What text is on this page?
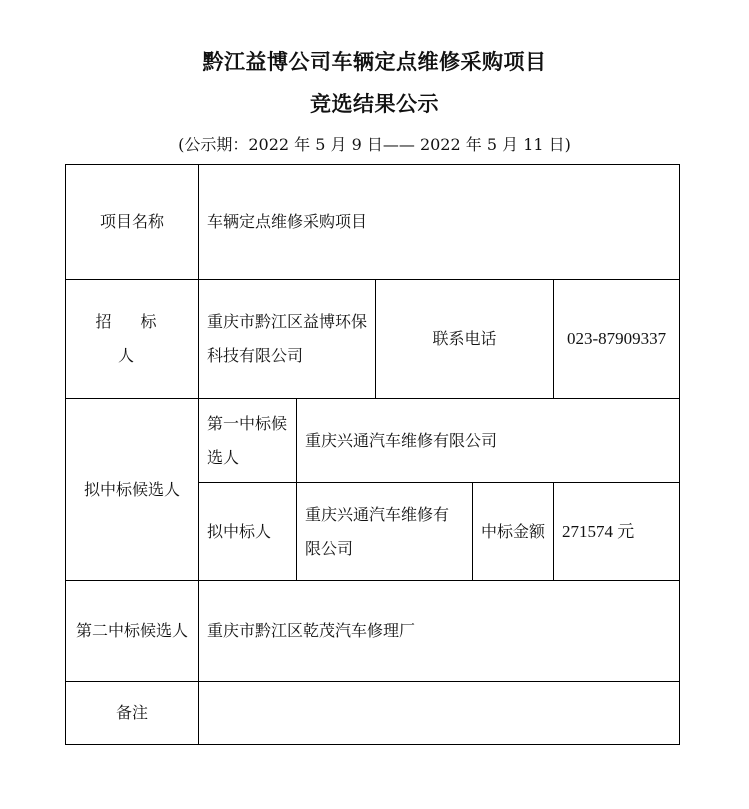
黔江益博公司车辆定点维修采购项目
竞选结果公示
(公示期：2022 年 5 月 9 日—— 2022 年 5 月 11 日)
项目名称	车辆定点维修采购项目				
招 标 人	重庆市黔江区益博环保科技有限公司		联系电话		023-87909337
拟中标候选人	第一中标候选人	重庆兴通汽车维修有限公司			
	拟中标人	重庆兴通汽车维修有限公司		中标金额	271574 元
第二中标候选人	重庆市黔江区乾茂汽车修理厂				
备注					
